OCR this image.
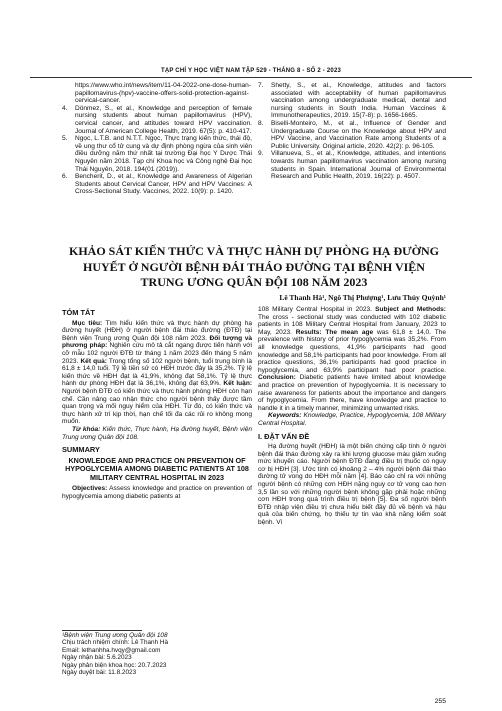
TẠP CHÍ Y HỌC VIỆT NAM TẬP 529 - THÁNG 8 - SỐ 2 - 2023
https://www.who.int/news/item/11-04-2022-one-dose-human-papillomavirus-(hpv)-vaccine-offers-solid-protection-against-cervical-cancer.
4.	Dönmez, S., et al., Knowledge and perception of female nursing students about human papillomavirus (HPV), cervical cancer, and attitudes toward HPV vaccination. Journal of American College Health, 2019. 67(5): p. 410-417.
5.	Ngọc, L.T.B. and N.T.T. Ngọc, Thực trạng kiến thức, thái độ, về ung thư cổ tử cung và dự định phòng ngừa của sinh viên điều dưỡng năm thứ nhất tại trường Đại học Y Dược Thái Nguyên năm 2018. Tạp chí Khoa học và Công nghệ Đại học Thái Nguyên, 2018. 194(01 (2019)).
6.	Bencherit, D., et al., Knowledge and Awareness of Algerian Students about Cervical Cancer, HPV and HPV Vaccines: A Cross-Sectional Study. Vaccines, 2022. 10(9): p. 1420.
7.	Shetty, S., et al., Knowledge, attitudes and factors associated with acceptability of human papillomavirus vaccination among undergraduate medical, dental and nursing students in South India. Human Vaccines & Immunotherapeutics, 2019. 15(7-8): p. 1656-1665.
8.	Biselli-Monteiro, M., et al., Influence of Gender and Undergraduate Course on the Knowledge about HPV and HPV Vaccine, and Vaccination Rate among Students of a Public University. Original article, 2020. 42(2): p. 96-105.
9.	Villanueva, S., et al., Knowledge, attitudes, and intentions towards human papillomavirus vaccination among nursing students in Spain. International Journal of Environmental Research and Public Health, 2019. 16(22): p. 4507.
KHẢO SÁT KIẾN THỨC VÀ THỰC HÀNH DỰ PHÒNG HẠ ĐƯỜNG HUYẾT Ở NGƯỜI BỆNH ĐÁI THÁO ĐƯỜNG TẠI BỆNH VIỆN TRUNG ƯƠNG QUÂN ĐỘI 108 NĂM 2023
Lê Thanh Hà¹, Ngô Thị Phượng¹, Lưu Thúy Quỳnh¹
TÓM TẮT
Mục tiêu: Tìm hiểu kiến thức và thực hành dự phòng hạ đường huyết (HĐH) ở người bệnh đái tháo đường (ĐTĐ) tại Bệnh viện Trung ương Quân đội 108 năm 2023. Đối tượng và phương pháp: Nghiên cứu mô tả cắt ngang được tiến hành với cỡ mẫu 102 người ĐTĐ từ tháng 1 năm 2023 đến tháng 5 năm 2023. Kết quả: Trong tổng số 102 người bệnh, tuổi trung bình là 61,8 ± 14,0 tuổi. Tỷ lệ tiền sử có HĐH trước đây là 35,2%. Tỷ lệ kiến thức về HĐH đạt là 41,9%, không đạt 58,1%. Tỷ lệ thực hành dự phòng HĐH đạt là 36,1%, không đạt 63,9%. Kết luận: Người bệnh ĐTĐ có kiến thức và thực hành phòng HĐH còn hạn chế. Cần nâng cao nhận thức cho người bệnh thấy được tầm quan trọng và mối nguy hiểm của HĐH. Từ đó, có kiến thức và thực hành xử trí kịp thời, hạn chế tối đa các rủi ro không mong muốn.
Từ khóa: Kiến thức, Thực hành, Hạ đường huyết, Bệnh viện Trung ương Quân đội 108.
SUMMARY
KNOWLEDGE AND PRACTICE ON PREVENTION OF HYPOGLYCEMIA AMONG DIABETIC PATIENTS AT 108 MILITARY CENTRAL HOSPITAL IN 2023
Objectives: Assess knowledge and practice on prevention of hypoglycemia among diabetic patients at
¹Bệnh viện Trung ương Quân đội 108
Chịu trách nhiệm chính: Lê Thanh Hà
Email: lethanhha.hvqy@gmail.com
Ngày nhận bài: 5.6.2023
Ngày phản biện khoa học: 20.7.2023
Ngày duyệt bài: 11.8.2023
108 Military Central Hospital in 2023. Subject and Methods: The cross - sectional study was conducted with 102 diabetic patients in 108 Military Central Hospital from January, 2023 to May, 2023. Results: The mean age was 61,8 ± 14,0. The prevalence with history of prior hypoglycemia was 35,2%. From all knowledge questions, 41,9% participants had good knowledge and 58,1% participants had poor knowledge. From all practice questions, 36,1% participants had good practice in hypoglycemia, and 63,9% participant had poor practice. Conclusion: Diabetic patients have limited about knowledge and practice on prevention of hypoglycemia. It is necessary to raise awareness for patients about the importance and dangers of hypoglycemia. From there, have knowledge and practice to handle it in a timely manner, minimizing unwanted risks.
Keywords: Knowledge, Practice, Hypoglycemia, 108 Military Central Hospital.
I. ĐẶT VẤN ĐỀ
Hạ đường huyết (HĐH) là một biến chứng cấp tính ở người bệnh đái tháo đường xảy ra khi lượng glucose máu giảm xuống mức khuyến cáo. Người bệnh ĐTĐ đang điều trị thuốc có nguy cơ bị HĐH [3]. Ước tính có khoảng 2 – 4% người bệnh đái tháo đường tử vong do HĐH mỗi năm [4]. Báo cáo chỉ ra với những người bệnh có những cơn HĐH nặng nguy cơ tử vong cao hơn 3,5 lần so với những người bệnh không gặp phải hoặc những cơn HĐH trong quá trình điều trị bệnh [5]. Đa số người bệnh ĐTĐ nhập viện điều trị chưa hiểu biết đầy đủ về bệnh và hậu quả của biến chứng, họ thiếu tự tin vào khả năng kiểm soát bệnh. Vì
255
